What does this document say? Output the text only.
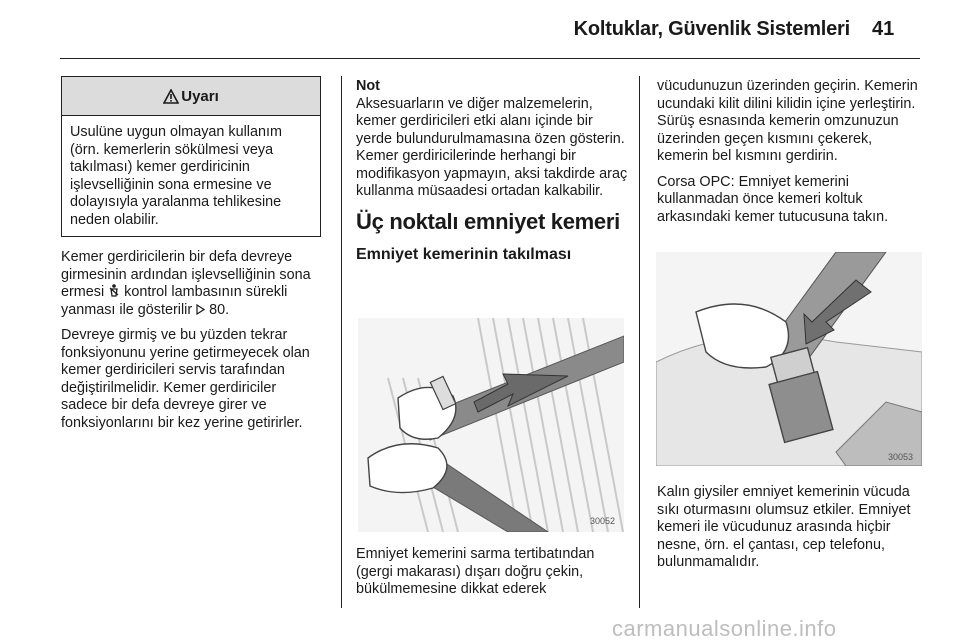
Koltuklar, Güvenlik Sistemleri 41
Uyarı
Usulüne uygun olmayan kullanım (örn. kemerlerin sökülmesi veya takılması) kemer gerdiricinin işlevselliğinin sona ermesine ve dolayısıyla yaralanma tehlikesine neden olabilir.

Kemer gerdiricilerin bir defa devreye girmesinin ardından işlevselliğinin sona ermesi  kontrol lambasının sürekli yanması ile gösterilir  80.

Devreye girmiş ve bu yüzden tekrar fonksiyonunu yerine getirmeyecek olan kemer gerdiricileri servis tarafından değiştirilmelidir. Kemer gerdiriciler sadece bir defa devreye girer ve fonksiyonlarını bir kez yerine getirirler.

Not

Aksesuarların ve diğer malzemelerin, kemer gerdiricileri etki alanı içinde bir yerde bulundurulmamasına özen gösterin. Kemer gerdiricilerinde herhangi bir modifikasyon yapmayın, aksi takdirde araç kullanma müsaadesi ortadan kalkabilir.

Üç noktalı emniyet kemeri
Emniyet kemerinin takılması
30052

Emniyet kemerini sarma tertibatından (gergi makarası) dışarı doğru çekin, bükülmemesine dikkat ederek

vücudunuzun üzerinden geçirin. Kemerin ucundaki kilit dilini kilidin içine yerleştirin. Sürüş esnasında kemerin omzunuzun üzerinden geçen kısmını çekerek, kemerin bel kısmını gerdirin.

Corsa OPC: Emniyet kemerini kullanmadan önce kemeri koltuk arkasındaki kemer tutucusuna takın.

30053

Kalın giysiler emniyet kemerinin vücuda sıkı oturmasını olumsuz etkiler. Emniyet kemeri ile vücudunuz arasında hiçbir nesne, örn. el çantası, cep telefonu, bulunmamalıdır.

carmanualsonline.info
